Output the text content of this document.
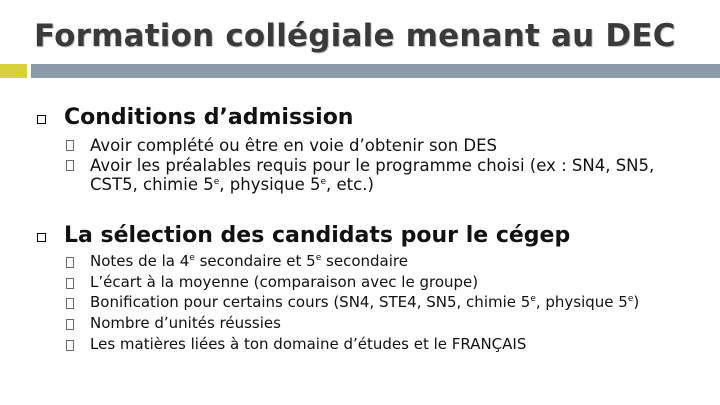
Formation collégiale menant au DEC
Conditions d’admission
Avoir complété ou être en voie d’obtenir son DES
Avoir les préalables requis pour le programme choisi (ex : SN4, SN5,
CST5, chimie 5e, physique 5e, etc.)
La sélection des candidats pour le cégep
Notes de la 4e secondaire et 5e secondaire
L’écart à la moyenne (comparaison avec le groupe)
Bonification pour certains cours (SN4, STE4, SN5, chimie 5e, physique 5e)
Nombre d’unités réussies
Les matières liées à ton domaine d’études et le FRANÇAIS
